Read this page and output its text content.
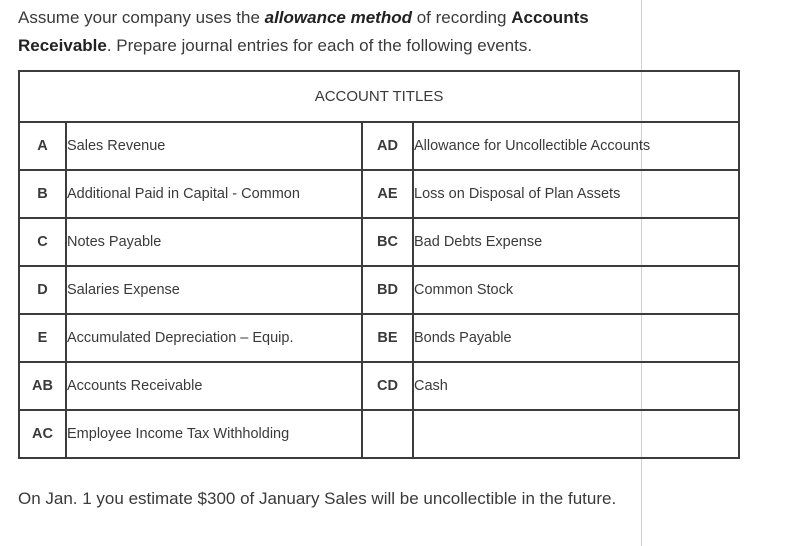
Assume your company uses the allowance method of recording Accounts Receivable. Prepare journal entries for each of the following events.
ACCOUNT TITLES			
A	Sales Revenue	AD	Allowance for Uncollectible Accounts
B	Additional Paid in Capital - Common	AE	Loss on Disposal of Plan Assets
C	Notes Payable	BC	Bad Debts Expense
D	Salaries Expense	BD	Common Stock
E	Accumulated Depreciation – Equip.	BE	Bonds Payable
AB	Accounts Receivable	CD	Cash
AC	Employee Income Tax Withholding		
On Jan. 1 you estimate $300 of January Sales will be uncollectible in the future.
